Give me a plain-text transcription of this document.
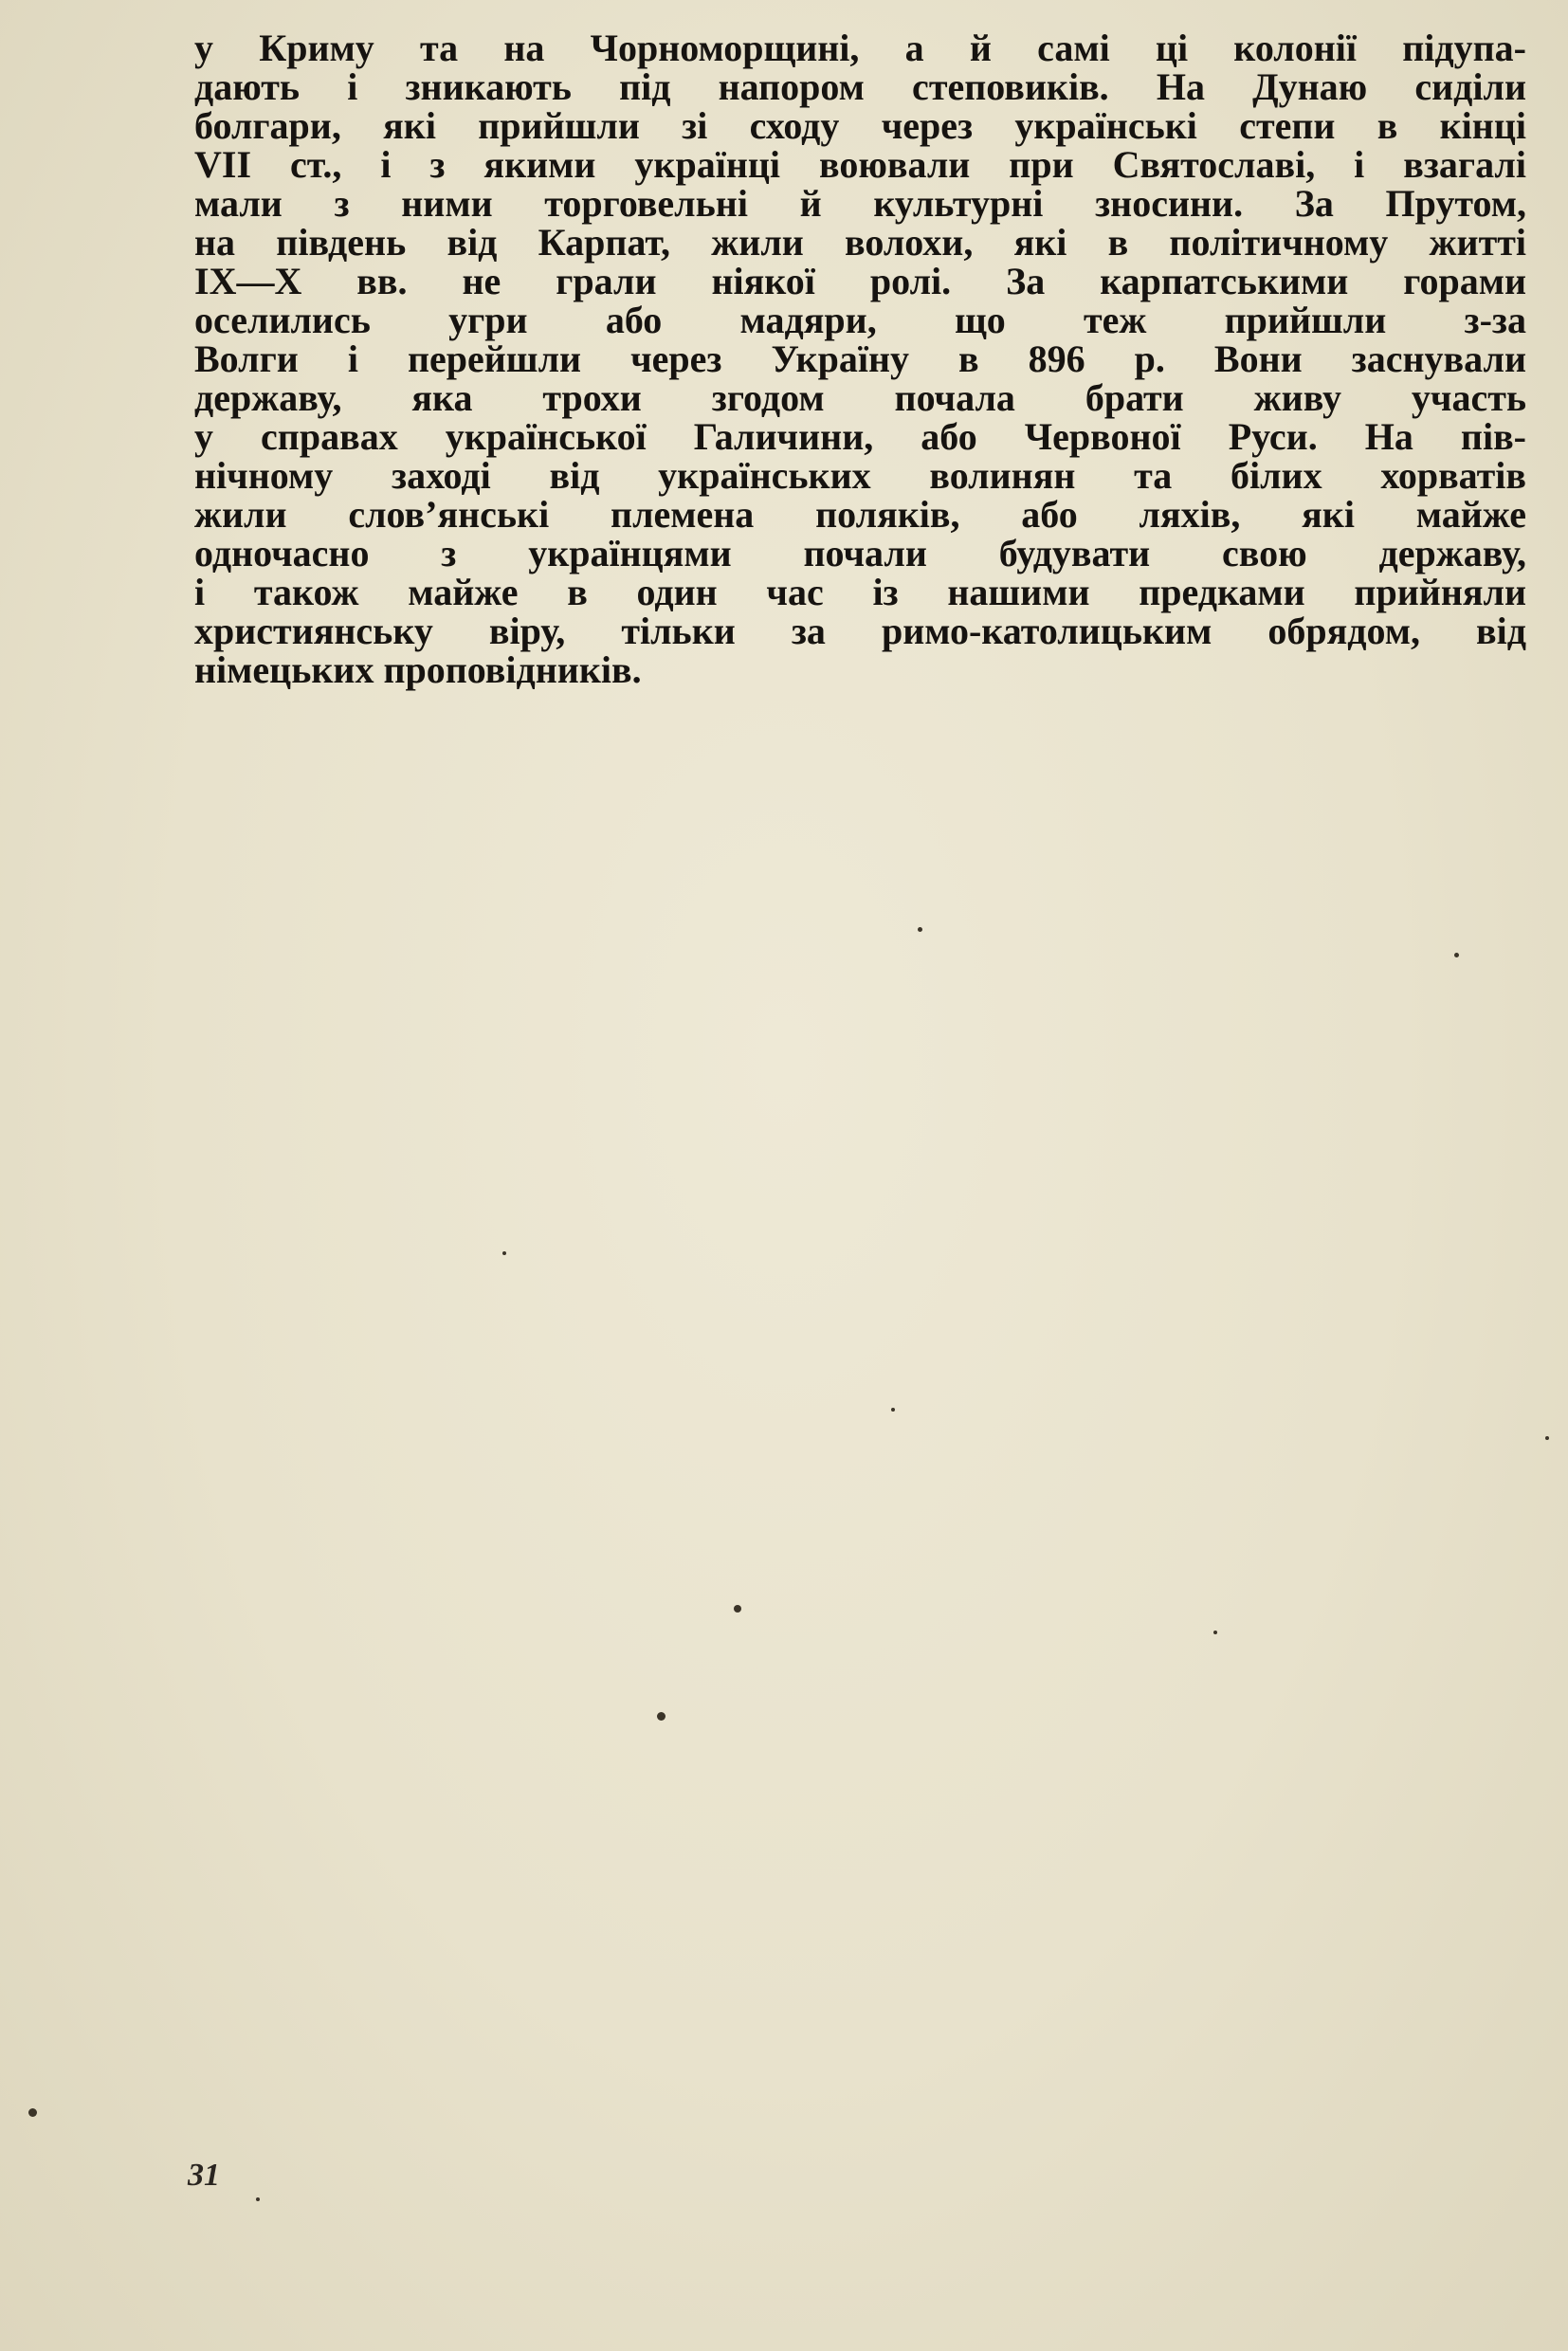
у Криму та на Чорноморщині, а й самі ці колонії підупа-
дають і зникають під напором степовиків. На Дунаю сиділи
болгари, які прийшли зі сходу через українські степи в кінці
VII ст., і з якими українці воювали при Святославі, і взагалі
мали з ними торговельні й культурні зносини. За Прутом,
на південь від Карпат, жили волохи, які в політичному житті
IX—X вв. не грали ніякої ролі. За карпатськими горами
оселились угри або мадяри, що теж прийшли з-за
Волги і перейшли через Україну в 896 р. Вони заснували
державу, яка трохи згодом почала брати живу участь
у справах української Галичини, або Червоної Руси. На пів-
нічному заході від українських волинян та білих хорватів
жили слов’янські племена поляків, або ляхів, які майже
одночасно з українцями почали будувати свою державу,
і також майже в один час із нашими предками прийняли
християнську віру, тільки за римо-католицьким обрядом, від
німецьких проповідників.
31
